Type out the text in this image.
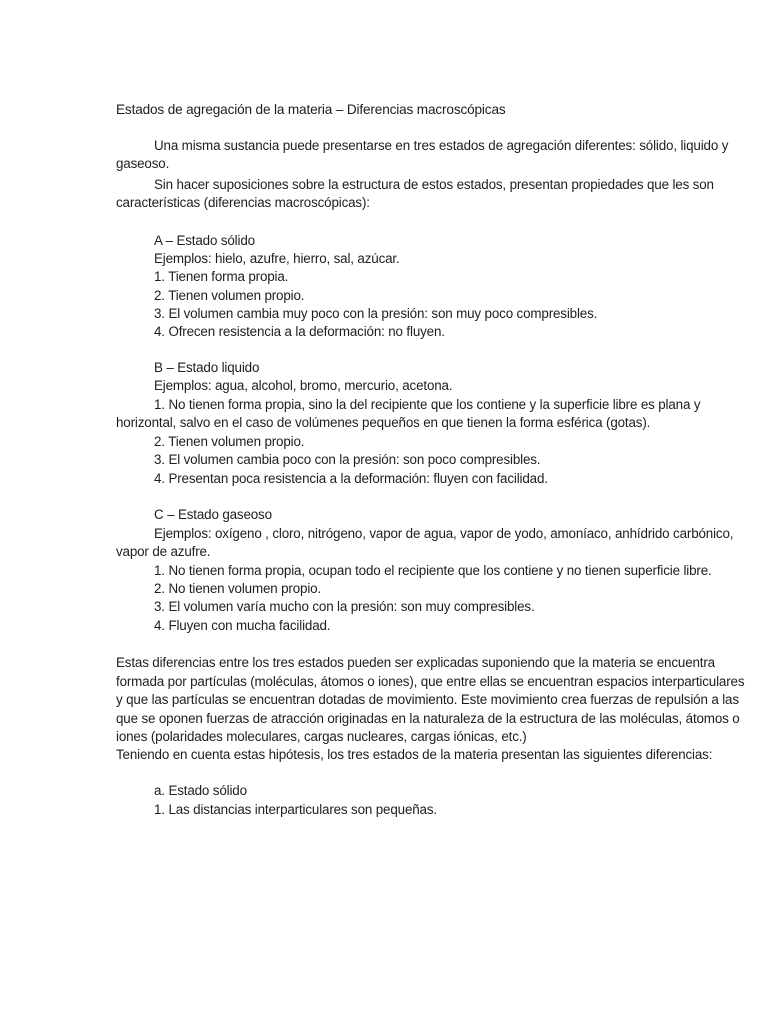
Estados de agregación de la materia – Diferencias macroscópicas
Una misma sustancia puede presentarse en tres estados de agregación diferentes: sólido, liquido y
gaseoso.
Sin hacer suposiciones sobre la estructura de estos estados, presentan propiedades que les son
características (diferencias macroscópicas):
A – Estado sólido
Ejemplos: hielo, azufre, hierro, sal, azúcar.
1. Tienen forma propia.
2. Tienen volumen propio.
3. El volumen cambia muy poco con la presión: son muy poco compresibles.
4. Ofrecen resistencia a la deformación: no fluyen.
B – Estado liquido
Ejemplos: agua, alcohol, bromo, mercurio, acetona.
1. No tienen forma propia, sino la del recipiente que los contiene y la superficie libre es plana y
horizontal, salvo en el caso de volúmenes pequeños en que tienen la forma esférica (gotas).
2. Tienen volumen propio.
3. El volumen cambia poco con la presión: son poco compresibles.
4. Presentan poca resistencia a la deformación: fluyen con facilidad.
C – Estado gaseoso
Ejemplos: oxígeno , cloro, nitrógeno, vapor de agua, vapor de yodo, amoníaco, anhídrido carbónico,
vapor de azufre.
1. No tienen forma propia, ocupan todo el recipiente que los contiene y no tienen superficie libre.
2. No tienen volumen propio.
3. El volumen varía mucho con la presión: son muy compresibles.
4. Fluyen con mucha facilidad.
Estas diferencias entre los tres estados pueden ser explicadas suponiendo que la materia se encuentra
formada por partículas (moléculas, átomos o iones), que entre ellas se encuentran espacios interparticulares
y que las partículas se encuentran dotadas de movimiento. Este movimiento crea fuerzas de repulsión a las
que se oponen fuerzas de atracción originadas en la naturaleza de la estructura de las moléculas, átomos o
iones (polaridades moleculares, cargas nucleares, cargas iónicas, etc.)
Teniendo en cuenta estas hipótesis, los tres estados de la materia presentan las siguientes diferencias:
a. Estado sólido
1. Las distancias interparticulares son pequeñas.
